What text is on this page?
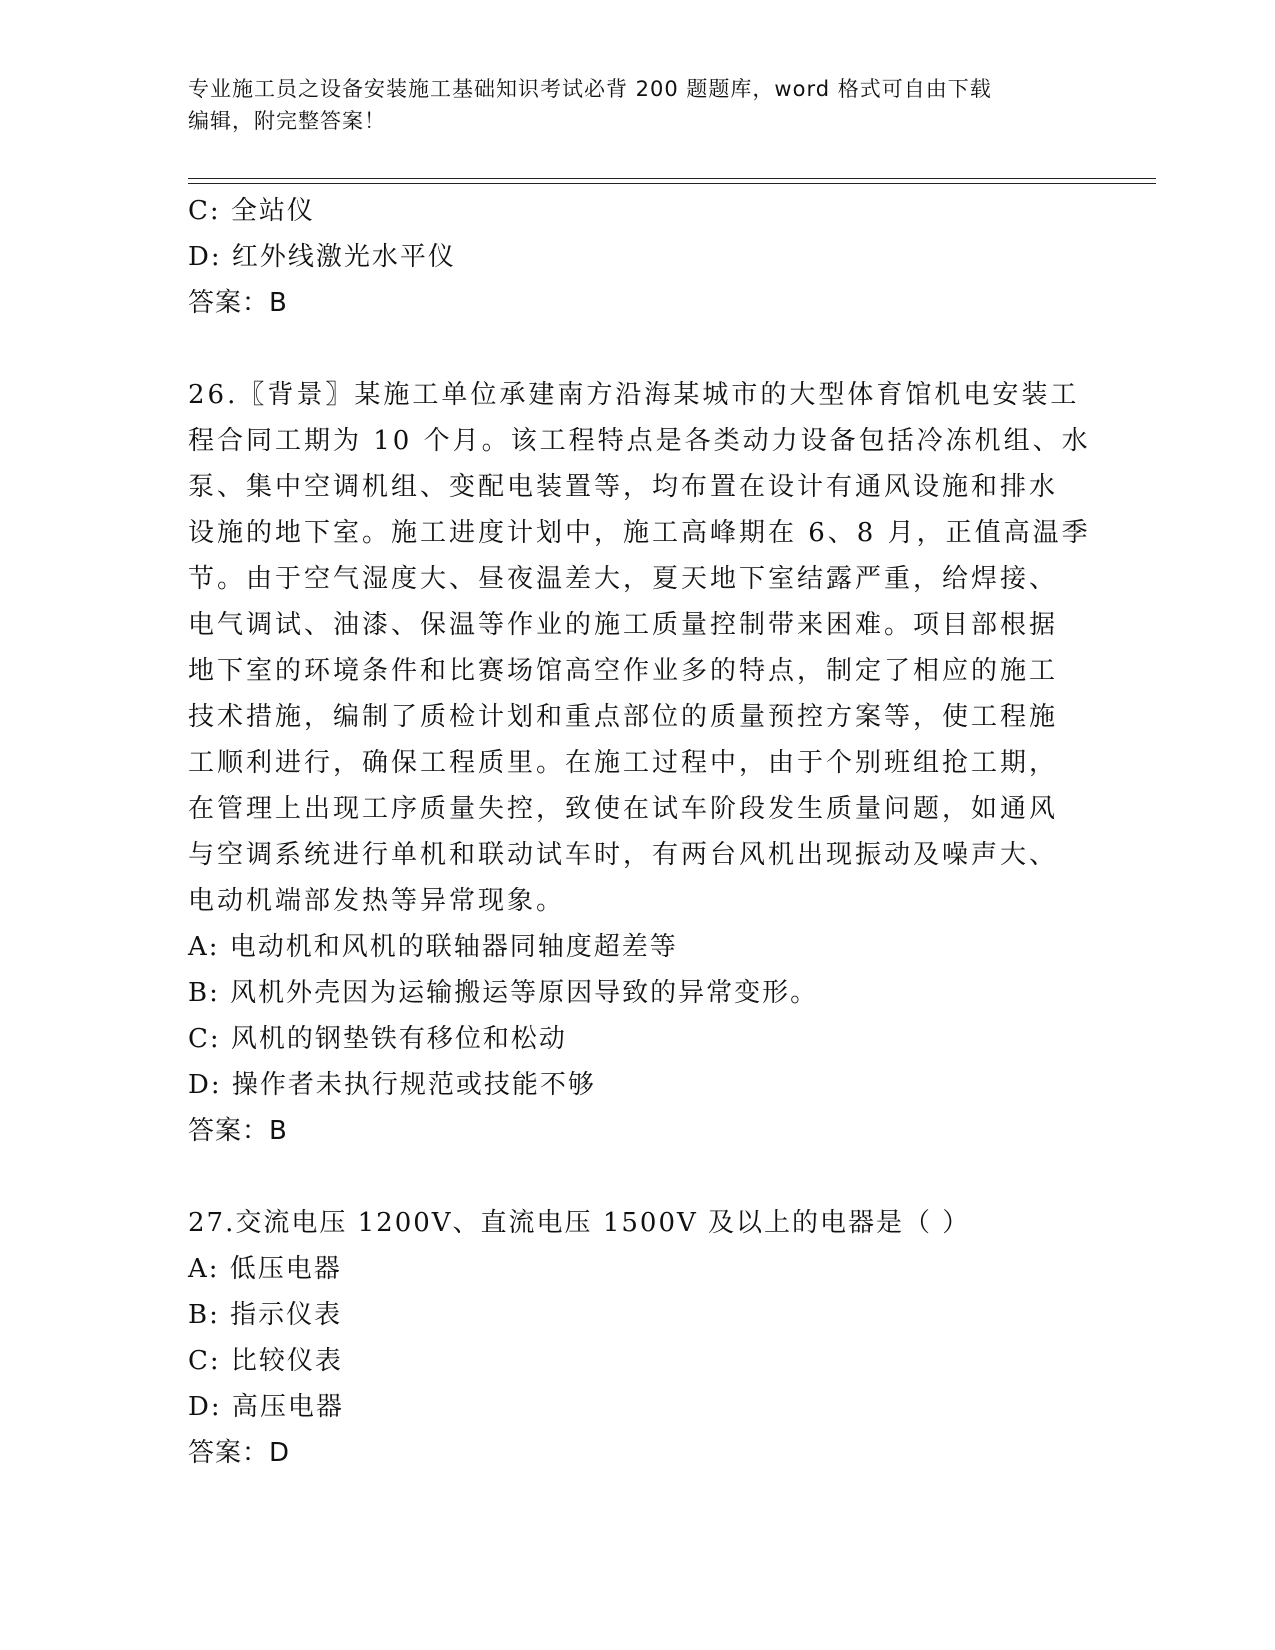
专业施工员之设备安装施工基础知识考试必背 200 题题库，word 格式可自由下载
编辑，附完整答案！
C: 全站仪
D: 红外线激光水平仪
答案：B
26.〖背景〗某施工单位承建南方沿海某城市的大型体育馆机电安装工
程合同工期为 10 个月。该工程特点是各类动力设备包括冷冻机组、水
泵、集中空调机组、变配电装置等，均布置在设计有通风设施和排水
设施的地下室。施工进度计划中，施工高峰期在 6、8 月，正值高温季
节。由于空气湿度大、昼夜温差大，夏天地下室结露严重，给焊接、
电气调试、油漆、保温等作业的施工质量控制带来困难。项目部根据
地下室的环境条件和比赛场馆高空作业多的特点，制定了相应的施工
技术措施，编制了质检计划和重点部位的质量预控方案等，使工程施
工顺利进行，确保工程质里。在施工过程中，由于个别班组抢工期，
在管理上出现工序质量失控，致使在试车阶段发生质量问题，如通风
与空调系统进行单机和联动试车时，有两台风机出现振动及噪声大、
电动机端部发热等异常现象。
A: 电动机和风机的联轴器同轴度超差等
B: 风机外壳因为运输搬运等原因导致的异常变形。
C: 风机的钢垫铁有移位和松动
D: 操作者未执行规范或技能不够
答案：B
27.交流电压 1200V、直流电压 1500V 及以上的电器是（ ）
A: 低压电器
B: 指示仪表
C: 比较仪表
D: 高压电器
答案：D
